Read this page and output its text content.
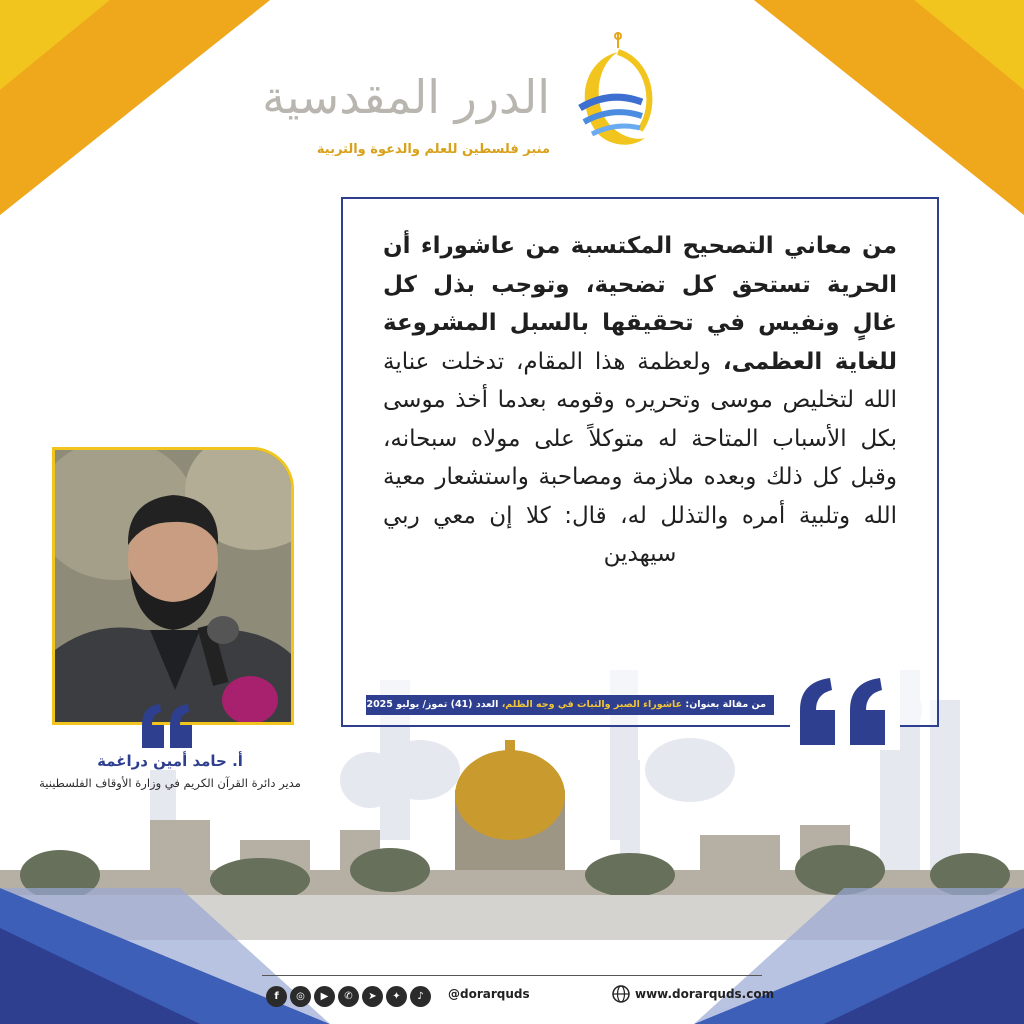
الدرر المقدسية
منبر فلسطين للعلم والدعوة والتربية
من معاني التصحيح المكتسبة من عاشوراء أن الحرية تستحق كل تضحية، وتوجب بذل كل غالٍ ونفيس في تحقيقها بالسبل المشروعة للغاية العظمى، ولعظمة هذا المقام، تدخلت عناية الله لتخليص موسى وتحريره وقومه بعدما أخذ موسى بكل الأسباب المتاحة له متوكلاً على مولاه سبحانه، وقبل كل ذلك وبعده ملازمة ومصاحبة واستشعار معية الله وتلبية أمره والتذلل له، قال: كلا إن معي ربي سيهدين
من مقالة بعنوان: عاشوراء الصبر والثبات في وجه الظلم، العدد (41) تموز/ يوليو 2025م.
أ. حامد أمين دراغمة
مدير دائرة القرآن الكريم في وزارة الأوقاف الفلسطينية
f	◎	▶	✆	➤	✦	♪	@dorarquds	www.dorarquds.com
